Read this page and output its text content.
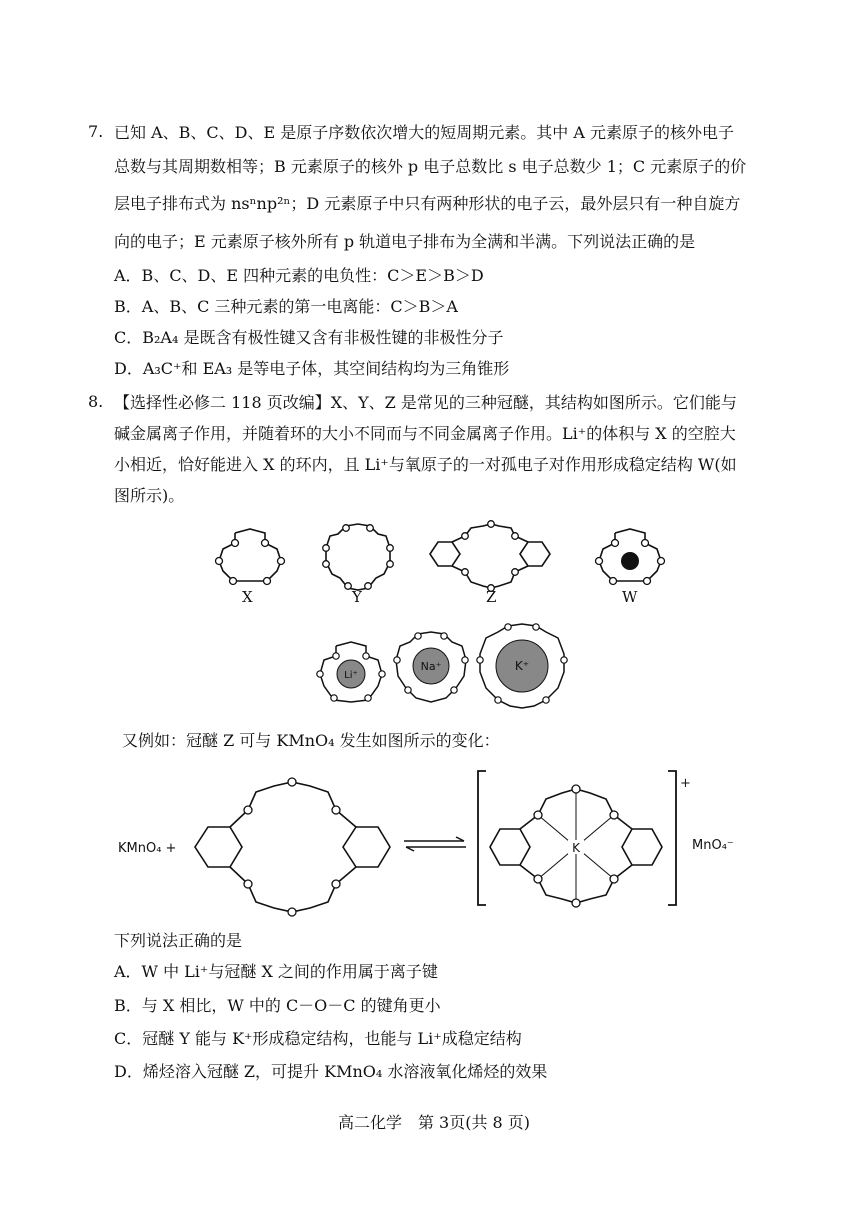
7. 已知 A、B、C、D、E 是原子序数依次增大的短周期元素。其中 A 元素原子的核外电子
总数与其周期数相等；B 元素原子的核外 p 电子总数比 s 电子总数少 1；C 元素原子的价
层电子排布式为 nsⁿnp²ⁿ；D 元素原子中只有两种形状的电子云，最外层只有一种自旋方
向的电子；E 元素原子核外所有 p 轨道电子排布为全满和半满。下列说法正确的是
A．B、C、D、E 四种元素的电负性：C＞E＞B＞D
B．A、B、C 三种元素的第一电离能：C＞B＞A
C．B₂A₄ 是既含有极性键又含有非极性键的非极性分子
D．A₃C⁺和 EA₃ 是等电子体，其空间结构均为三角锥形
8. 【选择性必修二 118 页改编】X、Y、Z 是常见的三种冠醚，其结构如图所示。它们能与
碱金属离子作用，并随着环的大小不同而与不同金属离子作用。Li⁺的体积与 X 的空腔大
小相近，恰好能进入 X 的环内，且 Li⁺与氧原子的一对孤电子对作用形成稳定结构 W(如
图所示)。
X	Y	Z	W
Li⁺
Na⁺	K⁺
又例如：冠醚 Z 可与 KMnO₄ 发生如图所示的变化：
KMnO₄ +	K
+
MnO₄⁻
下列说法正确的是
A．W 中 Li⁺与冠醚 X 之间的作用属于离子键
B．与 X 相比，W 中的 C－O－C 的键角更小
C．冠醚 Y 能与 K⁺形成稳定结构，也能与 Li⁺成稳定结构
D．烯烃溶入冠醚 Z，可提升 KMnO₄ 水溶液氧化烯烃的效果
高二化学　第 3页(共 8 页)
